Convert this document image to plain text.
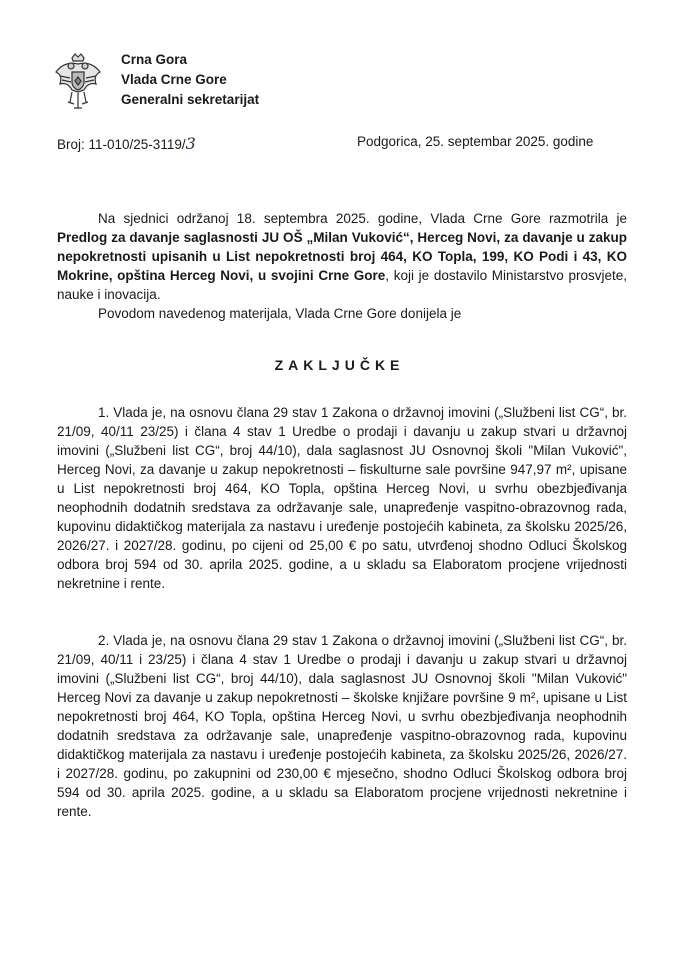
Crna Gora
Vlada Crne Gore
Generalni sekretarijat
Broj: 11-010/25-3119/3	Podgorica, 25. septembar 2025. godine

Na sjednici održanoj 18. septembra 2025. godine, Vlada Crne Gore razmotrila je Predlog za davanje saglasnosti JU OŠ „Milan Vuković“, Herceg Novi, za davanje u zakup nepokretnosti upisanih u List nepokretnosti broj 464, KO Topla, 199, KO Podi i 43, KO Mokrine, opština Herceg Novi, u svojini Crne Gore, koji je dostavilo Ministarstvo prosvjete, nauke i inovacija.

Povodom navedenog materijala, Vlada Crne Gore donijela je

ZAKLJUČKE

1. Vlada je, na osnovu člana 29 stav 1 Zakona o državnoj imovini („Službeni list CG“, br. 21/09, 40/11 23/25) i člana 4 stav 1 Uredbe o prodaji i davanju u zakup stvari u državnoj imovini („Službeni list CG“, broj 44/10), dala saglasnost JU Osnovnoj školi "Milan Vuković", Herceg Novi, za davanje u zakup nepokretnosti – fiskulturne sale površine 947,97 m², upisane u List nepokretnosti broj 464, KO Topla, opština Herceg Novi, u svrhu obezbjeđivanja neophodnih dodatnih sredstava za održavanje sale, unapređenje vaspitno-obrazovnog rada, kupovinu didaktičkog materijala za nastavu i uređenje postojećih kabineta, za školsku 2025/26, 2026/27. i 2027/28. godinu, po cijeni od 25,00 € po satu, utvrđenoj shodno Odluci Školskog odbora broj 594 od 30. aprila 2025. godine, a u skladu sa Elaboratom procjene vrijednosti nekretnine i rente.

2. Vlada je, na osnovu člana 29 stav 1 Zakona o državnoj imovini („Službeni list CG“, br. 21/09, 40/11 i 23/25) i člana 4 stav 1 Uredbe o prodaji i davanju u zakup stvari u državnoj imovini („Službeni list CG“, broj 44/10), dala saglasnost JU Osnovnoj školi "Milan Vuković" Herceg Novi za davanje u zakup nepokretnosti – školske knjižare površine 9 m², upisane u List nepokretnosti broj 464, KO Topla, opština Herceg Novi, u svrhu obezbjeđivanja neophodnih dodatnih sredstava za održavanje sale, unapređenje vaspitno-obrazovnog rada, kupovinu didaktičkog materijala za nastavu i uređenje postojećih kabineta, za školsku 2025/26, 2026/27. i 2027/28. godinu, po zakupnini od 230,00 € mjesečno, shodno Odluci Školskog odbora broj 594 od 30. aprila 2025. godine, a u skladu sa Elaboratom procjene vrijednosti nekretnine i rente.
